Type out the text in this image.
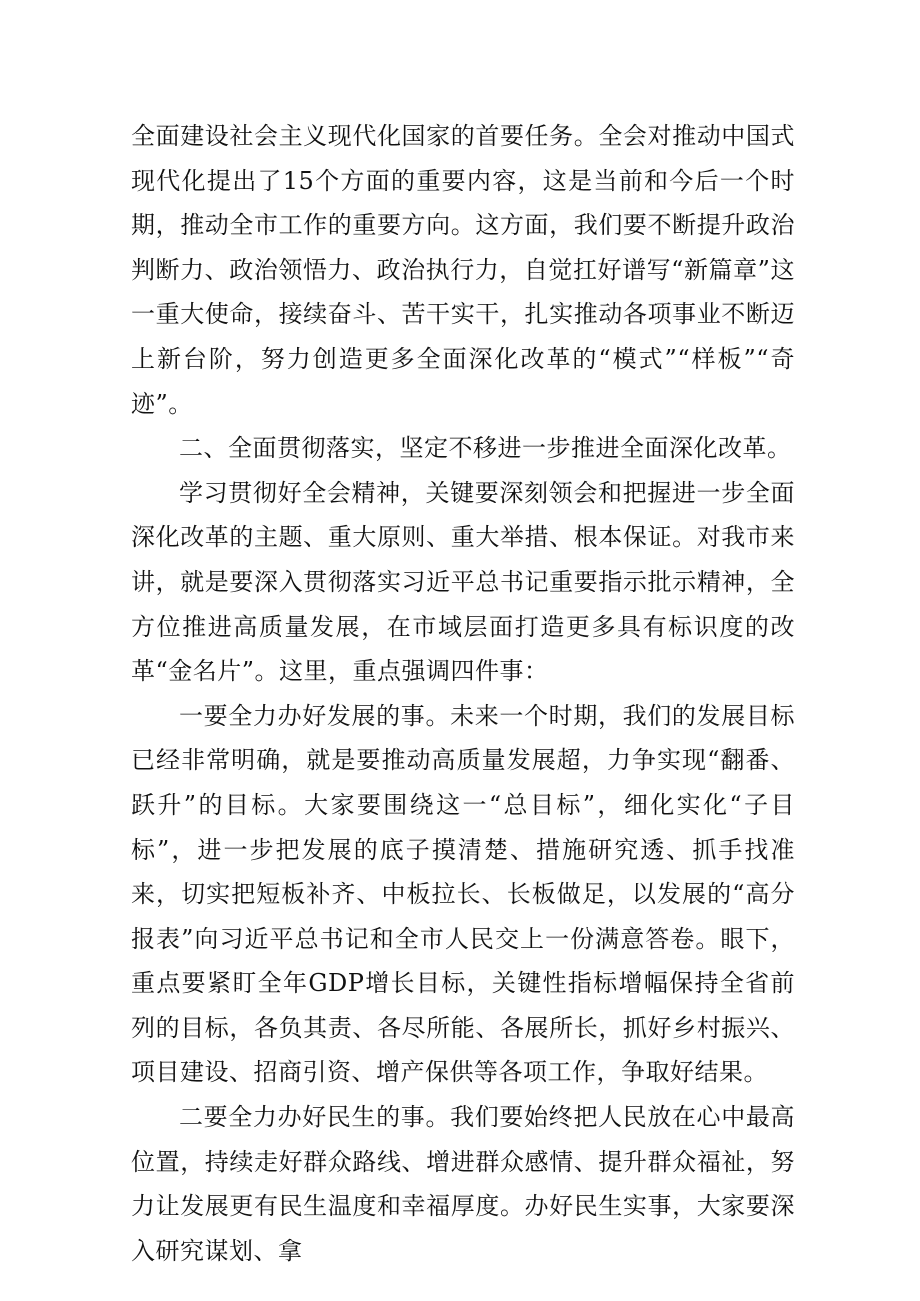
全面建设社会主义现代化国家的首要任务。全会对推动中国式现代化提出了15个方面的重要内容，这是当前和今后一个时期，推动全市工作的重要方向。这方面，我们要不断提升政治判断力、政治领悟力、政治执行力，自觉扛好谱写“新篇章”这一重大使命，接续奋斗、苦干实干，扎实推动各项事业不断迈上新台阶，努力创造更多全面深化改革的“模式”“样板”“奇迹”。

二、全面贯彻落实，坚定不移进一步推进全面深化改革。

学习贯彻好全会精神，关键要深刻领会和把握进一步全面深化改革的主题、重大原则、重大举措、根本保证。对我市来讲，就是要深入贯彻落实习近平总书记重要指示批示精神，全方位推进高质量发展，在市域层面打造更多具有标识度的改革“金名片”。这里，重点强调四件事：

一要全力办好发展的事。未来一个时期，我们的发展目标已经非常明确，就是要推动高质量发展超，力争实现“翻番、跃升”的目标。大家要围绕这一“总目标”，细化实化“子目标”，进一步把发展的底子摸清楚、措施研究透、抓手找准来，切实把短板补齐、中板拉长、长板做足，以发展的“高分报表”向习近平总书记和全市人民交上一份满意答卷。眼下，重点要紧盯全年GDP增长目标，关键性指标增幅保持全省前列的目标，各负其责、各尽所能、各展所长，抓好乡村振兴、项目建设、招商引资、增产保供等各项工作，争取好结果。

二要全力办好民生的事。我们要始终把人民放在心中最高位置，持续走好群众路线、增进群众感情、提升群众福祉，努力让发展更有民生温度和幸福厚度。办好民生实事，大家要深入研究谋划、拿
